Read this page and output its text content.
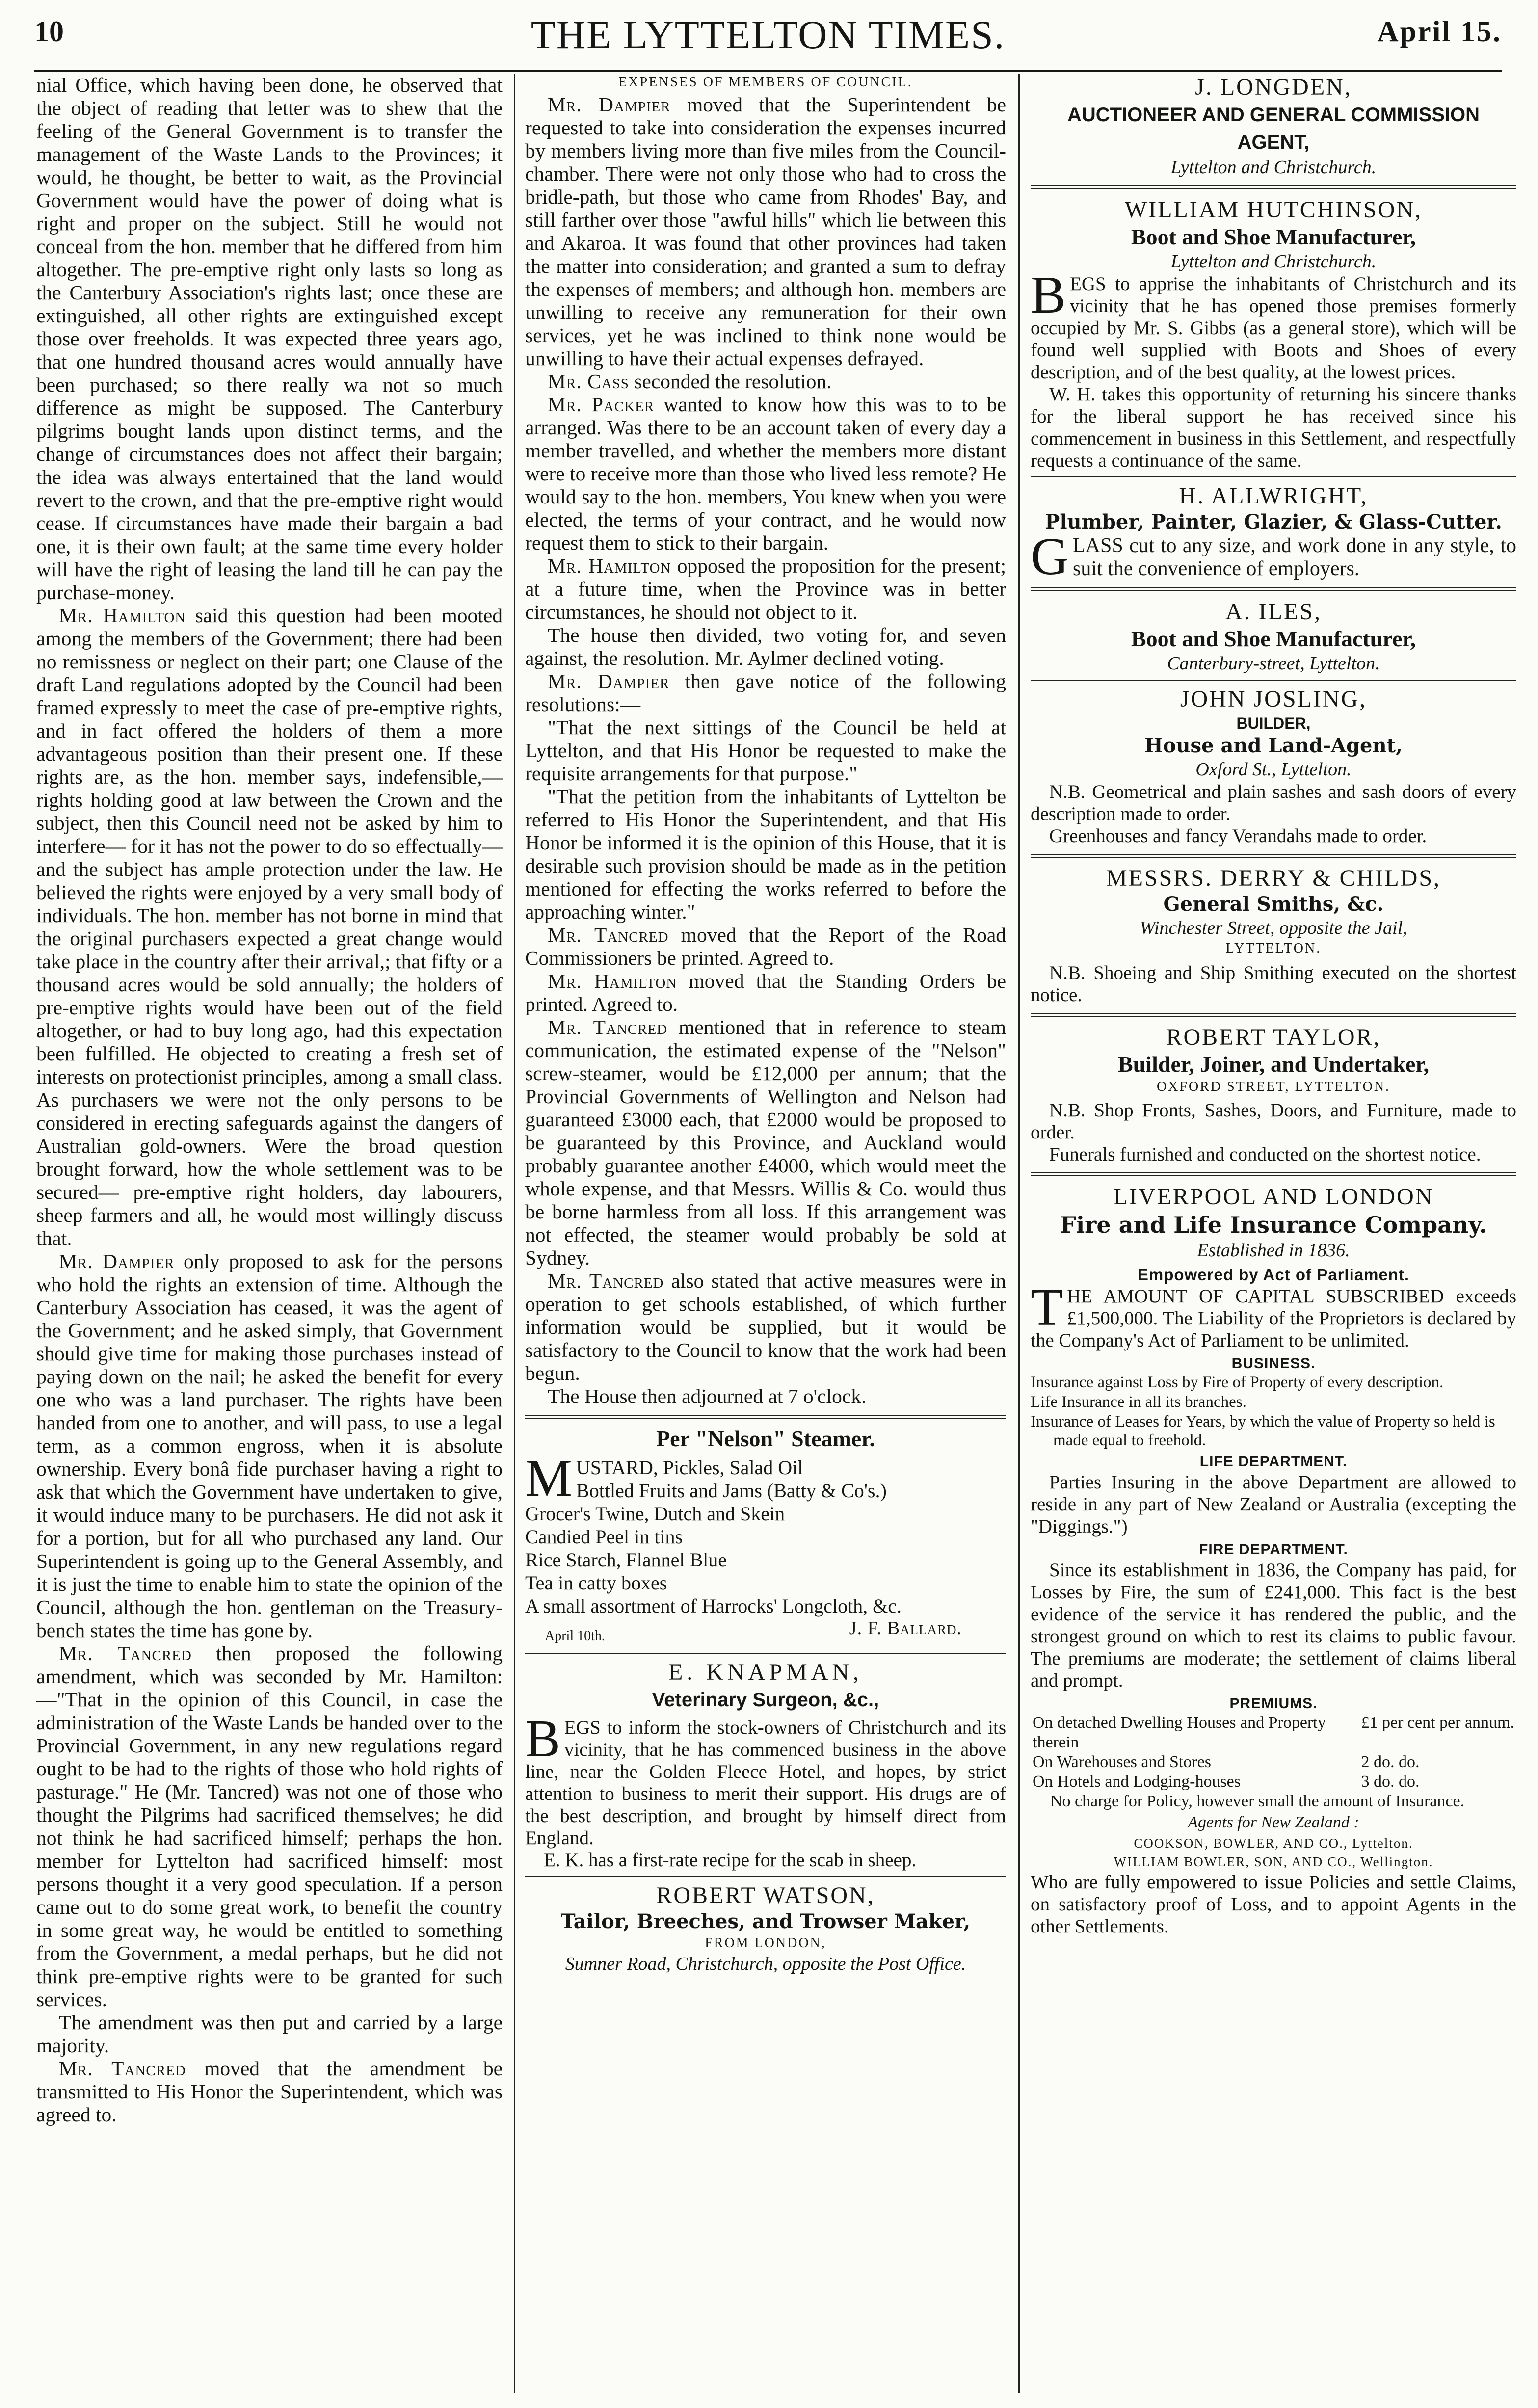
10	THE LYTTELTON TIMES.	April 15.

nial Office, which having been done, he observed that the object of reading that letter was to shew that the feeling of the General Government is to transfer the management of the Waste Lands to the Provinces; it would, he thought, be better to wait, as the Provincial Government would have the power of doing what is right and proper on the subject. Still he would not conceal from the hon. member that he differed from him altogether. The pre-emptive right only lasts so long as the Canterbury Association's rights last; once these are extinguished, all other rights are extinguished except those over freeholds. It was expected three years ago, that one hundred thousand acres would annually have been purchased; so there really wa not so much difference as might be supposed. The Canterbury pilgrims bought lands upon distinct terms, and the change of circumstances does not affect their bargain; the idea was always entertained that the land would revert to the crown, and that the pre-emptive right would cease. If circumstances have made their bargain a bad one, it is their own fault; at the same time every holder will have the right of leasing the land till he can pay the purchase-money.

Mr. Hamilton said this question had been mooted among the members of the Government; there had been no remissness or neglect on their part; one Clause of the draft Land regulations adopted by the Council had been framed expressly to meet the case of pre-emptive rights, and in fact offered the holders of them a more advantageous position than their present one. If these rights are, as the hon. member says, indefensible,—rights holding good at law between the Crown and the subject, then this Council need not be asked by him to interfere— for it has not the power to do so effectually—and the subject has ample protection under the law. He believed the rights were enjoyed by a very small body of individuals. The hon. member has not borne in mind that the original purchasers expected a great change would take place in the country after their arrival,; that fifty or a thousand acres would be sold annually; the holders of pre-emptive rights would have been out of the field altogether, or had to buy long ago, had this expectation been fulfilled. He objected to creating a fresh set of interests on protectionist principles, among a small class. As purchasers we were not the only persons to be considered in erecting safeguards against the dangers of Australian gold-owners. Were the broad question brought forward, how the whole settlement was to be secured— pre-emptive right holders, day labourers, sheep farmers and all, he would most willingly discuss that.

Mr. Dampier only proposed to ask for the persons who hold the rights an extension of time. Although the Canterbury Association has ceased, it was the agent of the Government; and he asked simply, that Government should give time for making those purchases instead of paying down on the nail; he asked the benefit for every one who was a land purchaser. The rights have been handed from one to another, and will pass, to use a legal term, as a common engross, when it is absolute ownership. Every bonâ fide purchaser having a right to ask that which the Government have undertaken to give, it would induce many to be purchasers. He did not ask it for a portion, but for all who purchased any land. Our Superintendent is going up to the General Assembly, and it is just the time to enable him to state the opinion of the Council, although the hon. gentleman on the Treasury-bench states the time has gone by.

Mr. Tancred then proposed the following amendment, which was seconded by Mr. Hamilton:—"That in the opinion of this Council, in case the administration of the Waste Lands be handed over to the Provincial Government, in any new regulations regard ought to be had to the rights of those who hold rights of pasturage." He (Mr. Tancred) was not one of those who thought the Pilgrims had sacrificed themselves; he did not think he had sacrificed himself; perhaps the hon. member for Lyttelton had sacrificed himself: most persons thought it a very good speculation. If a person came out to do some great work, to benefit the country in some great way, he would be entitled to something from the Government, a medal perhaps, but he did not think pre-emptive rights were to be granted for such services.

The amendment was then put and carried by a large majority.

Mr. Tancred moved that the amendment be transmitted to His Honor the Superintendent, which was agreed to.

EXPENSES OF MEMBERS OF COUNCIL.

Mr. Dampier moved that the Superintendent be requested to take into consideration the expenses incurred by members living more than five miles from the Council-chamber. There were not only those who had to cross the bridle-path, but those who came from Rhodes' Bay, and still farther over those "awful hills" which lie between this and Akaroa. It was found that other provinces had taken the matter into consideration; and granted a sum to defray the expenses of members; and although hon. members are unwilling to receive any remuneration for their own services, yet he was inclined to think none would be unwilling to have their actual expenses defrayed.

Mr. Cass seconded the resolution.

Mr. Packer wanted to know how this was to to be arranged. Was there to be an account taken of every day a member travelled, and whether the members more distant were to receive more than those who lived less remote? He would say to the hon. members, You knew when you were elected, the terms of your contract, and he would now request them to stick to their bargain.

Mr. Hamilton opposed the proposition for the present; at a future time, when the Province was in better circumstances, he should not object to it.

The house then divided, two voting for, and seven against, the resolution. Mr. Aylmer declined voting.

Mr. Dampier then gave notice of the following resolutions:—

"That the next sittings of the Council be held at Lyttelton, and that His Honor be requested to make the requisite arrangements for that purpose."

"That the petition from the inhabitants of Lyttelton be referred to His Honor the Superintendent, and that His Honor be informed it is the opinion of this House, that it is desirable such provision should be made as in the petition mentioned for effecting the works referred to before the approaching winter."

Mr. Tancred moved that the Report of the Road Commissioners be printed. Agreed to.

Mr. Hamilton moved that the Standing Orders be printed. Agreed to.

Mr. Tancred mentioned that in reference to steam communication, the estimated expense of the "Nelson" screw-steamer, would be £12,000 per annum; that the Provincial Governments of Wellington and Nelson had guaranteed £3000 each, that £2000 would be proposed to be guaranteed by this Province, and Auckland would probably guarantee another £4000, which would meet the whole expense, and that Messrs. Willis & Co. would thus be borne harmless from all loss. If this arrangement was not effected, the steamer would probably be sold at Sydney.

Mr. Tancred also stated that active measures were in operation to get schools established, of which further information would be supplied, but it would be satisfactory to the Council to know that the work had been begun.

The House then adjourned at 7 o'clock.

Per "Nelson" Steamer.
MUSTARD, Pickles, Salad Oil
Bottled Fruits and Jams (Batty & Co's.)
Grocer's Twine, Dutch and Skein
Candied Peel in tins
Rice Starch, Flannel Blue
Tea in catty boxes
A small assortment of Harrocks' Longcloth, &c.
April 10th.	J. F. Ballard.
E. KNAPMAN,
Veterinary Surgeon, &c.,
BEGS to inform the stock-owners of Christchurch and its vicinity, that he has commenced business in the above line, near the Golden Fleece Hotel, and hopes, by strict attention to business to merit their support. His drugs are of the best description, and brought by himself direct from England.
E. K. has a first-rate recipe for the scab in sheep.
ROBERT WATSON,
Tailor, Breeches, and Trowser Maker,
FROM LONDON,
Sumner Road, Christchurch, opposite the Post Office.
J. LONGDEN,
AUCTIONEER AND GENERAL COMMISSION AGENT,
Lyttelton and Christchurch.
WILLIAM HUTCHINSON,
Boot and Shoe Manufacturer,
Lyttelton and Christchurch.
BEGS to apprise the inhabitants of Christchurch and its vicinity that he has opened those premises formerly occupied by Mr. S. Gibbs (as a general store), which will be found well supplied with Boots and Shoes of every description, and of the best quality, at the lowest prices.
W. H. takes this opportunity of returning his sincere thanks for the liberal support he has received since his commencement in business in this Settlement, and respectfully requests a continuance of the same.
H. ALLWRIGHT,
Plumber, Painter, Glazier, & Glass-Cutter.
GLASS cut to any size, and work done in any style, to suit the convenience of employers.
A. ILES,
Boot and Shoe Manufacturer,
Canterbury-street, Lyttelton.
JOHN JOSLING,
BUILDER,
House and Land-Agent,
Oxford St., Lyttelton.
N.B. Geometrical and plain sashes and sash doors of every description made to order.
Greenhouses and fancy Verandahs made to order.
MESSRS. DERRY & CHILDS,
General Smiths, &c.
Winchester Street, opposite the Jail,
LYTTELTON.
N.B. Shoeing and Ship Smithing executed on the shortest notice.
ROBERT TAYLOR,
Builder, Joiner, and Undertaker,
OXFORD STREET, LYTTELTON.
N.B. Shop Fronts, Sashes, Doors, and Furniture, made to order.
Funerals furnished and conducted on the shortest notice.
LIVERPOOL AND LONDON
Fire and Life Insurance Company.
Established in 1836.
Empowered by Act of Parliament.
THE AMOUNT OF CAPITAL SUBSCRIBED exceeds £1,500,000. The Liability of the Proprietors is declared by the Company's Act of Parliament to be unlimited.
BUSINESS.
Insurance against Loss by Fire of Property of every description.
Life Insurance in all its branches.
Insurance of Leases for Years, by which the value of Property so held is made equal to freehold.
LIFE DEPARTMENT.
Parties Insuring in the above Department are allowed to reside in any part of New Zealand or Australia (excepting the "Diggings.")
FIRE DEPARTMENT.
Since its establishment in 1836, the Company has paid, for Losses by Fire, the sum of £241,000. This fact is the best evidence of the service it has rendered the public, and the strongest ground on which to rest its claims to public favour. The premiums are moderate; the settlement of claims liberal and prompt.
PREMIUMS.
On detached Dwelling Houses and Property therein	£1 per cent per annum.
On Warehouses and Stores	2 do. do.
On Hotels and Lodging-houses	3 do. do.
No charge for Policy, however small the amount of Insurance.
Agents for New Zealand :
COOKSON, BOWLER, AND CO., Lyttelton.
WILLIAM BOWLER, SON, AND CO., Wellington.
Who are fully empowered to issue Policies and settle Claims, on satisfactory proof of Loss, and to appoint Agents in the other Settlements.
